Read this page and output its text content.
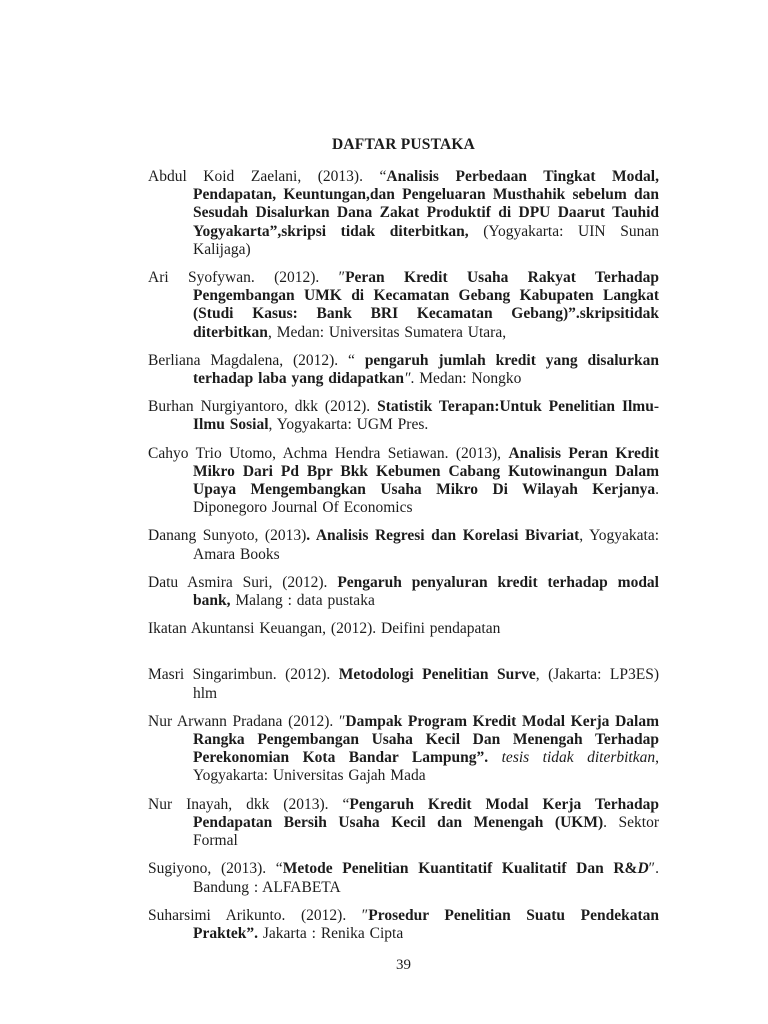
DAFTAR PUSTAKA

Abdul Koid Zaelani, (2013). “Analisis Perbedaan Tingkat Modal, Pendapatan, Keuntungan,dan Pengeluaran Musthahik sebelum dan Sesudah Disalurkan Dana Zakat Produktif di DPU Daarut Tauhid Yogyakarta”,skripsi tidak diterbitkan, (Yogyakarta: UIN Sunan Kalijaga)

Ari Syofywan. (2012). ″Peran Kredit Usaha Rakyat Terhadap Pengembangan UMK di Kecamatan Gebang Kabupaten Langkat (Studi Kasus: Bank BRI Kecamatan Gebang)”.skripsitidak diterbitkan, Medan: Universitas Sumatera Utara,

Berliana Magdalena, (2012). “ pengaruh jumlah kredit yang disalurkan terhadap laba yang didapatkan″. Medan: Nongko

Burhan Nurgiyantoro, dkk (2012). Statistik Terapan:Untuk Penelitian Ilmu-Ilmu Sosial, Yogyakarta: UGM Pres.

Cahyo Trio Utomo, Achma Hendra Setiawan. (2013), Analisis Peran Kredit Mikro Dari Pd Bpr Bkk Kebumen Cabang Kutowinangun Dalam Upaya Mengembangkan Usaha Mikro Di Wilayah Kerjanya. Diponegoro Journal Of Economics

Danang Sunyoto, (2013). Analisis Regresi dan Korelasi Bivariat, Yogyakata: Amara Books

Datu Asmira Suri, (2012). Pengaruh penyaluran kredit terhadap modal bank, Malang : data pustaka

Ikatan Akuntansi Keuangan, (2012). Deifini pendapatan

Masri Singarimbun. (2012). Metodologi Penelitian Surve, (Jakarta: LP3ES) hlm

Nur Arwann Pradana (2012). ″Dampak Program Kredit Modal Kerja Dalam Rangka Pengembangan Usaha Kecil Dan Menengah Terhadap Perekonomian Kota Bandar Lampung”. tesis tidak diterbitkan, Yogyakarta: Universitas Gajah Mada

Nur Inayah, dkk (2013). “Pengaruh Kredit Modal Kerja Terhadap Pendapatan Bersih Usaha Kecil dan Menengah (UKM). Sektor Formal

Sugiyono, (2013). “Metode Penelitian Kuantitatif Kualitatif Dan R&D″. Bandung : ALFABETA

Suharsimi Arikunto. (2012). ″Prosedur Penelitian Suatu Pendekatan Praktek”. Jakarta : Renika Cipta

39
